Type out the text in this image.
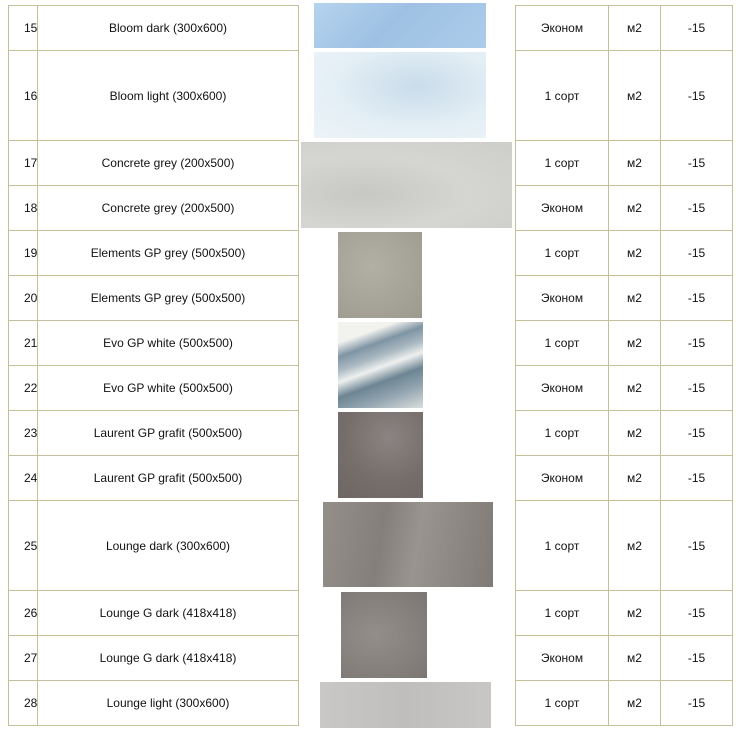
15	Bloom dark (300x600)	Эконом	м2	-15
16	Bloom light (300x600)	1 сорт	м2	-15
17	Concrete grey (200x500)	1 сорт	м2	-15
18	Concrete grey (200x500)	Эконом	м2	-15
19	Elements GP grey (500x500)	1 сорт	м2	-15
20	Elements GP grey (500x500)	Эконом	м2	-15
21	Evo GP white (500x500)	1 сорт	м2	-15
22	Evo GP white (500x500)	Эконом	м2	-15
23	Laurent GP grafit (500x500)	1 сорт	м2	-15
24	Laurent GP grafit (500x500)	Эконом	м2	-15
25	Lounge dark (300x600)	1 сорт	м2	-15
26	Lounge G dark (418x418)	1 сорт	м2	-15
27	Lounge G dark (418x418)	Эконом	м2	-15
28	Lounge light (300x600)	1 сорт	м2	-15
